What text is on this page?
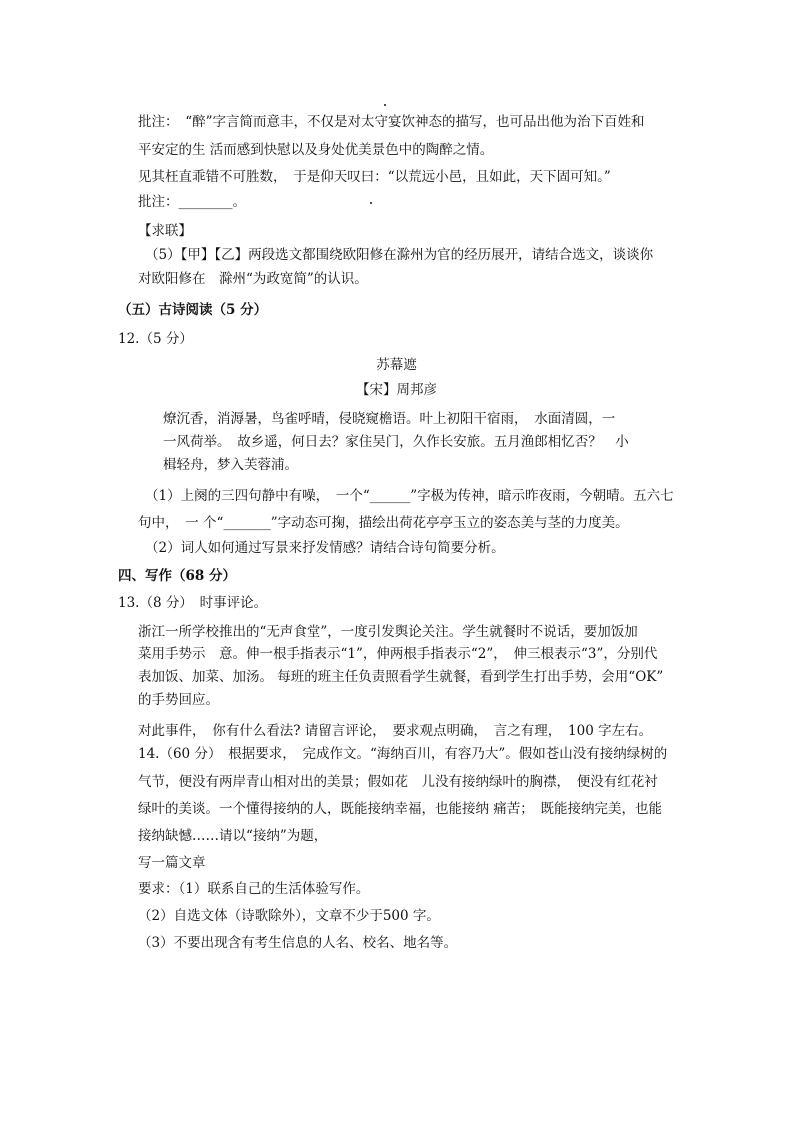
批注：　“醉”字言简而意丰，不仅是对太守宴饮神态的描写，也可品出他为治下百姓和
平安定的生 活而感到快慰以及身处优美景色中的陶醉之情。
见其枉直乖错不可胜数，　于是仰天叹曰：“以荒远小邑，且如此，天下固可知。”
批注：________。
【求联】
（5）【甲】【乙】两段选文都围绕欧阳修在滁州为官的经历展开，请结合选文，谈谈你
对欧阳修在　滁州“为政宽简”的认识。
（五）古诗阅读（5 分）
12.（5 分）
苏幕遮
【宋】周邦彦
燎沉香，消溽暑，鸟雀呼晴，侵晓窥檐语。叶上初阳干宿雨，　水面清圆，一
一风荷举。　故乡遥，何日去？家住吴门，久作长安旅。五月渔郎相忆否？　小
楫轻舟，梦入芙蓉浦。
（1）上阕的三四句静中有噪，　一个“______”字极为传神，暗示昨夜雨，今朝晴。五六七
句中，　一 个“_______”字动态可掬，描绘出荷花亭亭玉立的姿态美与茎的力度美。
（2）词人如何通过写景来抒发情感？请结合诗句简要分析。
四、写作（68 分）
13.（8 分）　时事评论。
浙江一所学校推出的“无声食堂”，一度引发舆论关注。学生就餐时不说话，要加饭加
菜用手势示　意。伸一根手指表示“1”，伸两根手指表示“2”，　伸三根表示“3”，分别代
表加饭、加菜、加汤。 每班的班主任负责照看学生就餐，看到学生打出手势，会用“OK”
的手势回应。
对此事件，　你有什么看法? 请留言评论，　要求观点明确，　言之有理，　100 字左右。
14.（60 分）　根据要求，　完成作文。“海纳百川，有容乃大”。假如苍山没有接纳绿树的
气节，便没有两岸青山相对出的美景；假如花　儿没有接纳绿叶的胸襟，　便没有红花衬
绿叶的美谈。一个懂得接纳的人，既能接纳幸福，也能接纳 痛苦；　既能接纳完美，也能
接纳缺憾……请以“接纳”为题，
写一篇文章
要求：（1）联系自己的生活体验写作。
（2）自选文体（诗歌除外），文章不少于500 字。
（3）不要出现含有考生信息的人名、校名、地名等。
